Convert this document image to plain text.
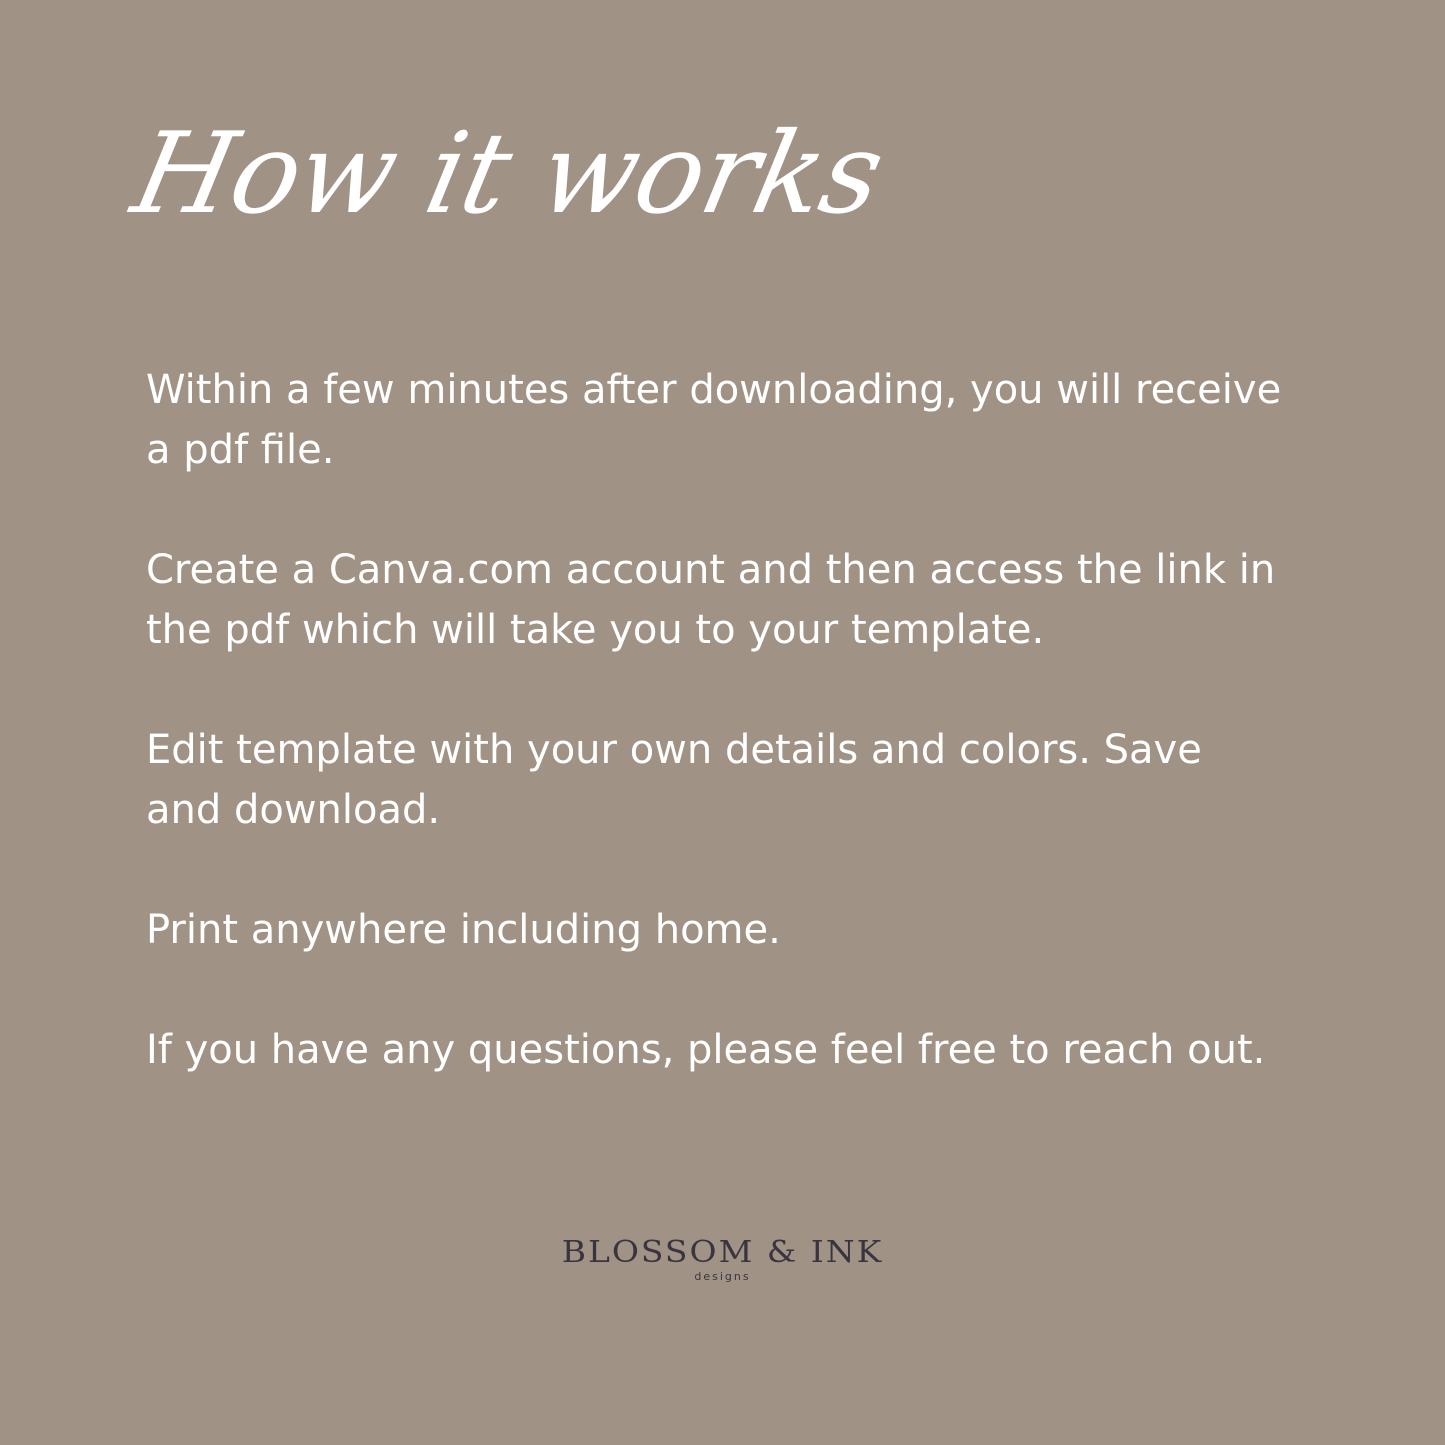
How it works

Within a few minutes after downloading, you will receive a pdf file.

Create a Canva.com account and then access the link in the pdf which will take you to your template.

Edit template with your own details and colors. Save and download.

Print anywhere including home.

If you have any questions, please feel free to reach out.

BLOSSOM & INK
designs
